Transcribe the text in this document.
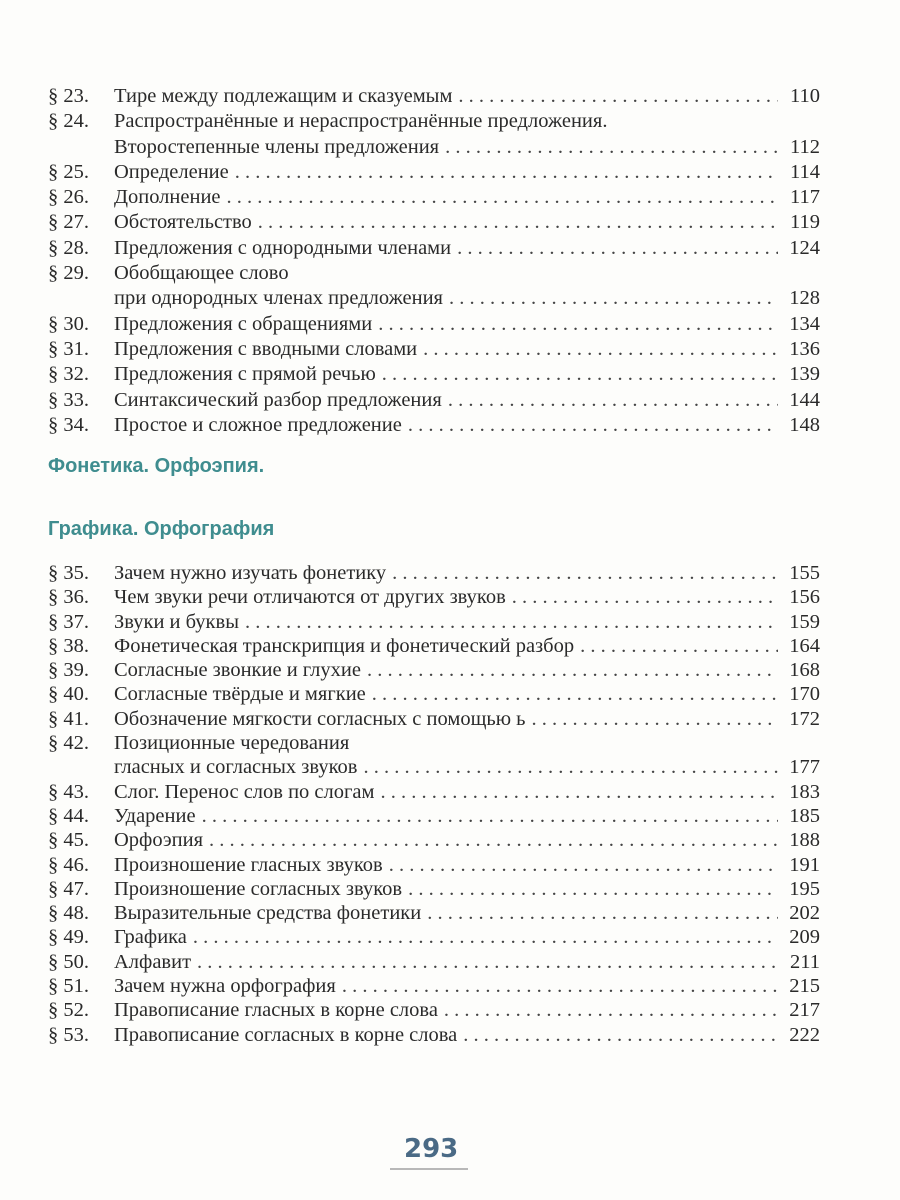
§ 23.	Тире между подлежащим и сказуемым . . .	110
§ 24.	Распространённые и нераспространённые предложения.
Второстепенные члены предложения . . .	112
§ 25.	Определение . . .	114
§ 26.	Дополнение . . .	117
§ 27.	Обстоятельство . . .	119
§ 28.	Предложения с однородными членами . . .	124
§ 29.	Обобщающее слово
при однородных членах предложения . . .	128
§ 30.	Предложения с обращениями . . .	134
§ 31.	Предложения с вводными словами . . .	136
§ 32.	Предложения с прямой речью . . .	139
§ 33.	Синтаксический разбор предложения . . .	144
§ 34.	Простое и сложное предложение . . .	148
Фонетика. Орфоэпия.
Графика. Орфография
§ 35.	Зачем нужно изучать фонетику . . .	155
§ 36.	Чем звуки речи отличаются от других звуков . . .	156
§ 37.	Звуки и буквы . . .	159
§ 38.	Фонетическая транскрипция и фонетический разбор . . .	164
§ 39.	Согласные звонкие и глухие . . .	168
§ 40.	Согласные твёрдые и мягкие . . .	170
§ 41.	Обозначение мягкости согласных с помощью ь . . .	172
§ 42.	Позиционные чередования
гласных и согласных звуков . . .	177
§ 43.	Слог. Перенос слов по слогам . . .	183
§ 44.	Ударение . . .	185
§ 45.	Орфоэпия . . .	188
§ 46.	Произношение гласных звуков . . .	191
§ 47.	Произношение согласных звуков . . .	195
§ 48.	Выразительные средства фонетики . . .	202
§ 49.	Графика . . .	209
§ 50.	Алфавит . . .	211
§ 51.	Зачем нужна орфография . . .	215
§ 52.	Правописание гласных в корне слова . . .	217
§ 53.	Правописание согласных в корне слова . . .	222
293
